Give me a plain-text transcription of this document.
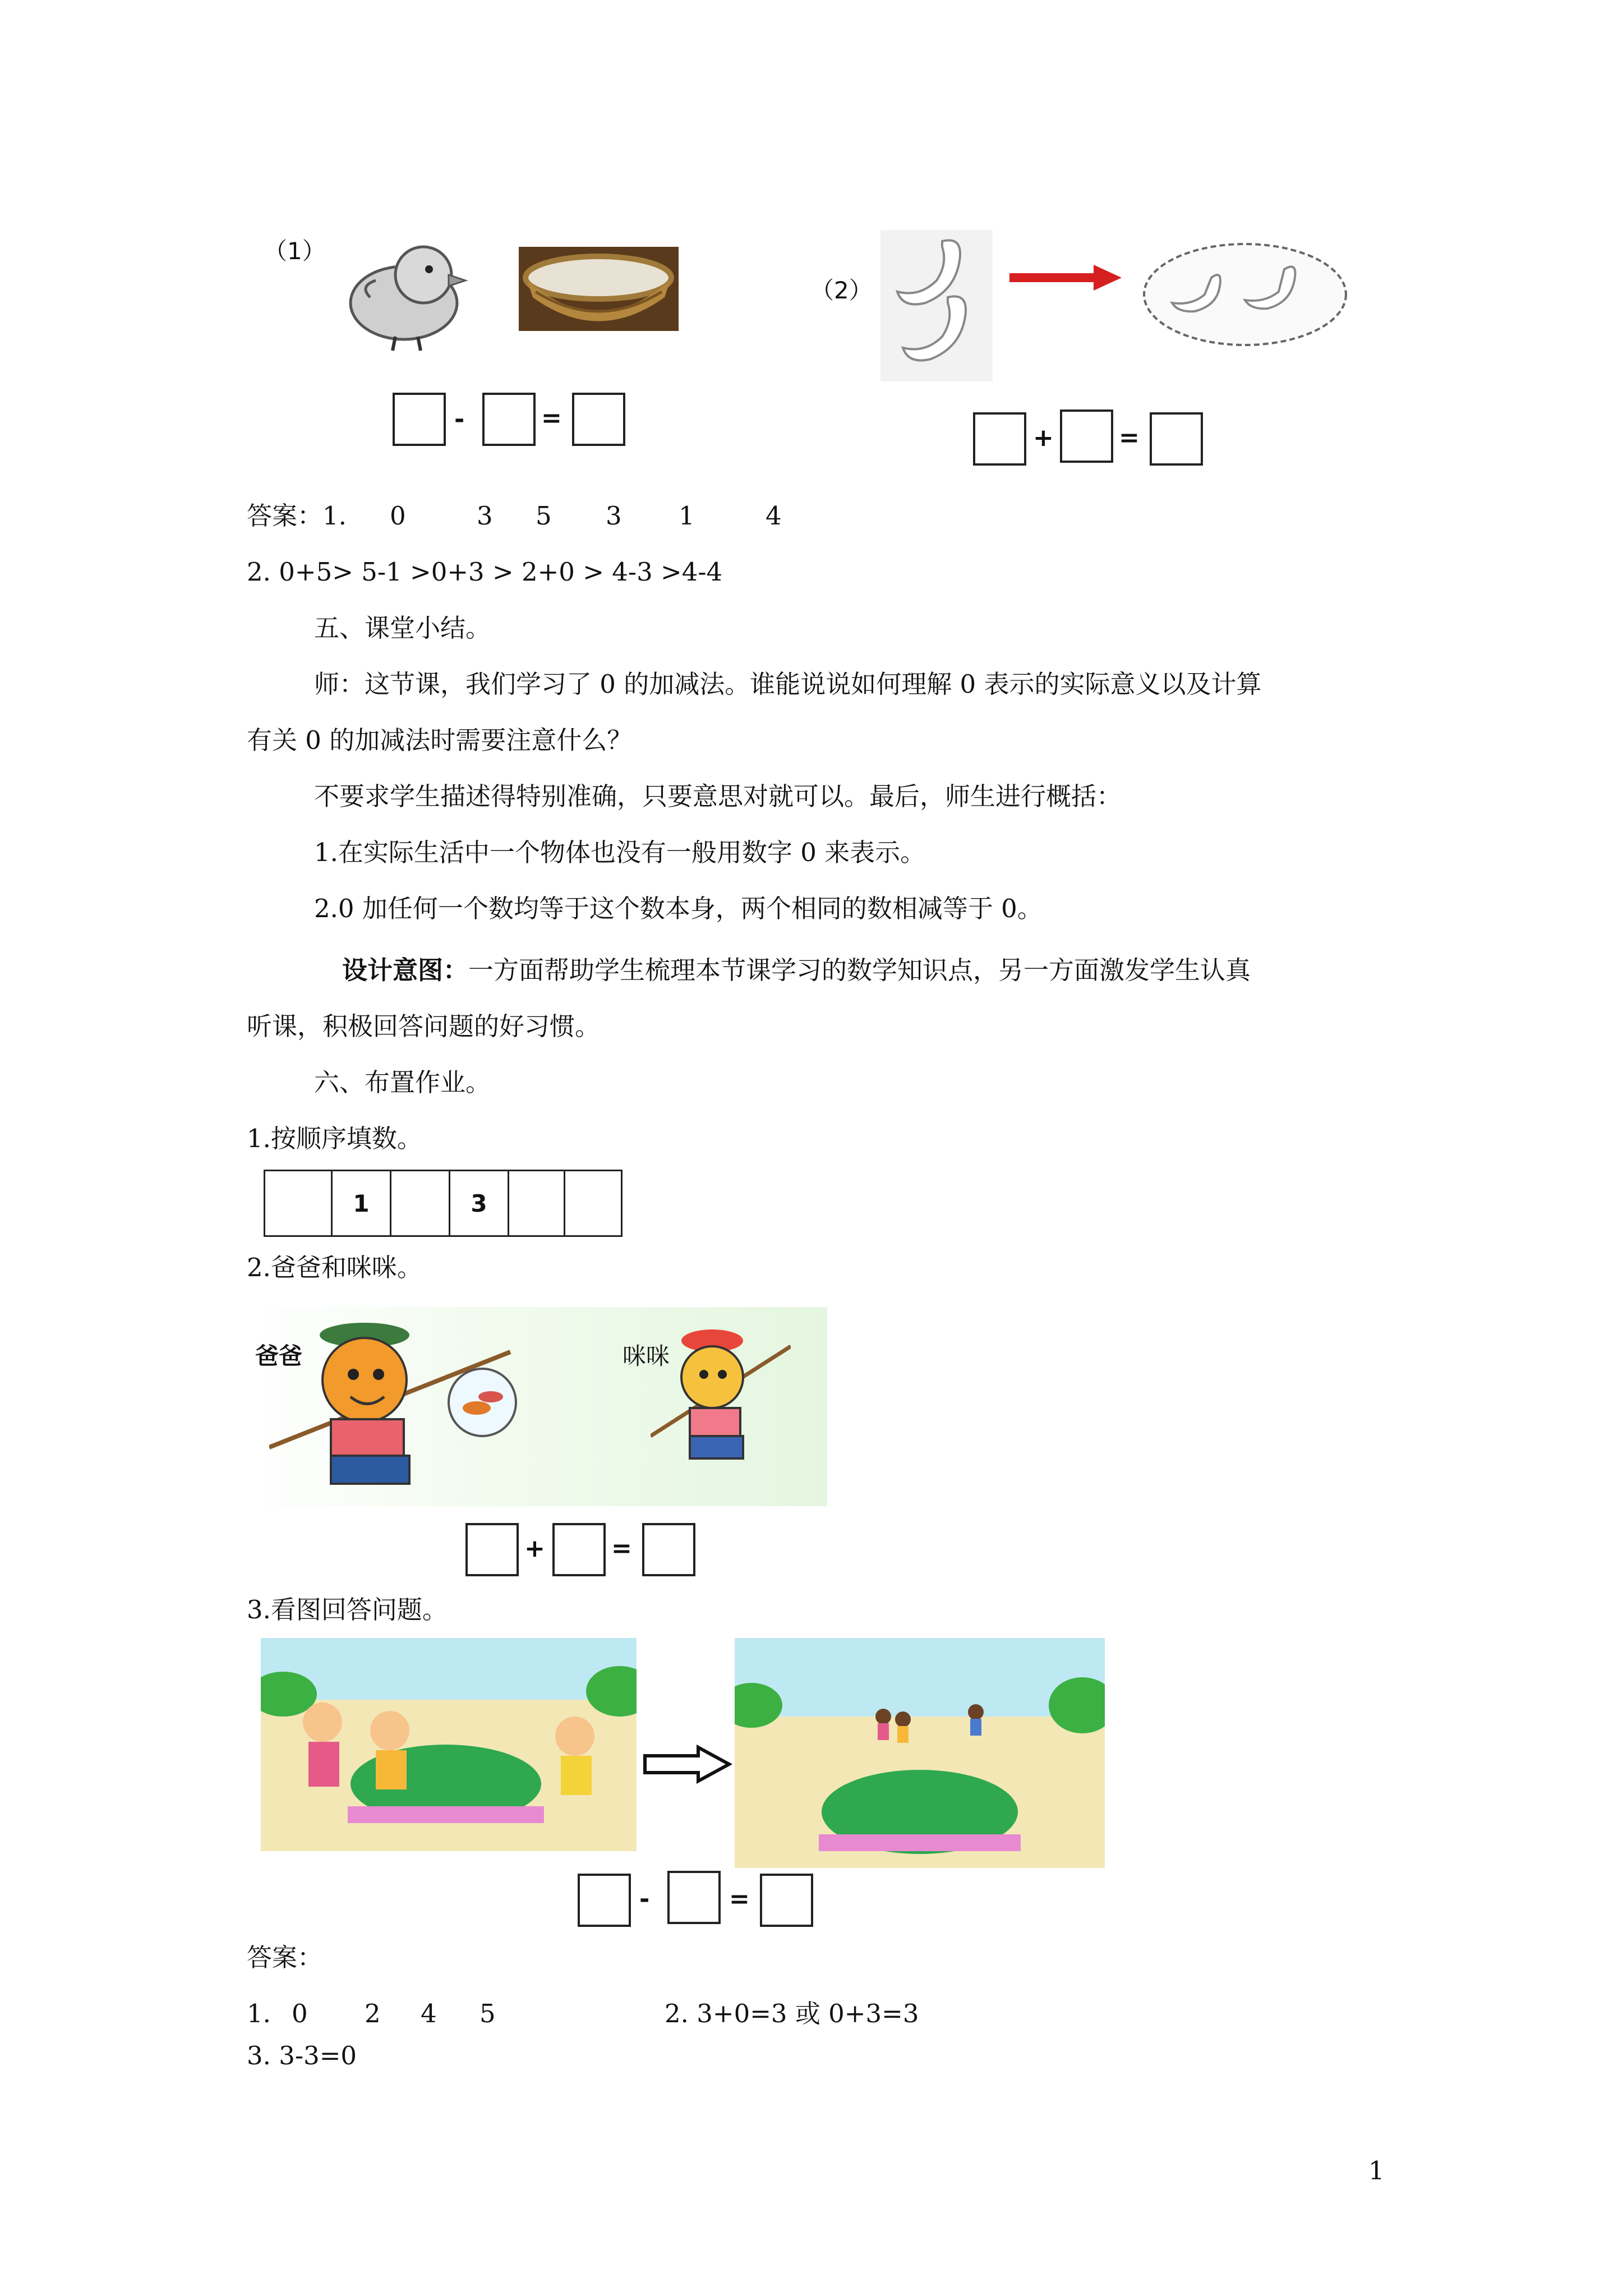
（1）
-	=
（2）
+	=
答案：1. 0	3 5 3 1	4
2. 0+5> 5-1 >0+3 > 2+0 > 4-3 >4-4
五、课堂小结。
师：这节课，我们学习了 0 的加减法。谁能说说如何理解 0 表示的实际意义以及计算
有关 0 的加减法时需要注意什么？
不要求学生描述得特别准确，只要意思对就可以。最后，师生进行概括：
1.在实际生活中一个物体也没有一般用数字 0 来表示。
2.0 加任何一个数均等于这个数本身，两个相同的数相减等于 0。
设计意图：一方面帮助学生梳理本节课学习的数学知识点，另一方面激发学生认真
听课，积极回答问题的好习惯。
六、布置作业。
1.按顺序填数。
1	3
2.爸爸和咪咪。
爸爸	咪咪
+	=
3.看图回答问题。
-	=
答案：
1. 0 2 4 5	2. 3+0=3 或 0+3=3
3. 3-3=0
1
